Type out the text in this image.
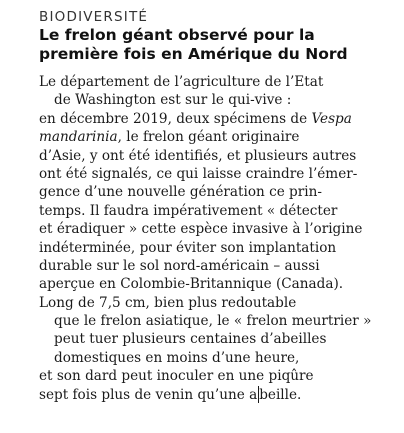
BIODIVERSITÉ
Le frelon géant observé pour la
première fois en Amérique du Nord
Le département de l’agriculture de l’Etat
de Washington est sur le qui-vive :
en décembre 2019, deux spécimens de Vespa
mandarinia, le frelon géant originaire
d’Asie, y ont été identifiés, et plusieurs autres
ont été signalés, ce qui laisse craindre l’émer-
gence d’une nouvelle génération ce prin-
temps. Il faudra impérativement « détecter
et éradiquer » cette espèce invasive à l’origine
indéterminée, pour éviter son implantation
durable sur le sol nord-américain – aussi
aperçue en Colombie-Britannique (Canada).
Long de 7,5 cm, bien plus redoutable
que le frelon asiatique, le « frelon meurtrier »
peut tuer plusieurs centaines d’abeilles
domestiques en moins d’une heure,
et son dard peut inoculer en une piqûre
sept fois plus de venin qu’une a beille.
